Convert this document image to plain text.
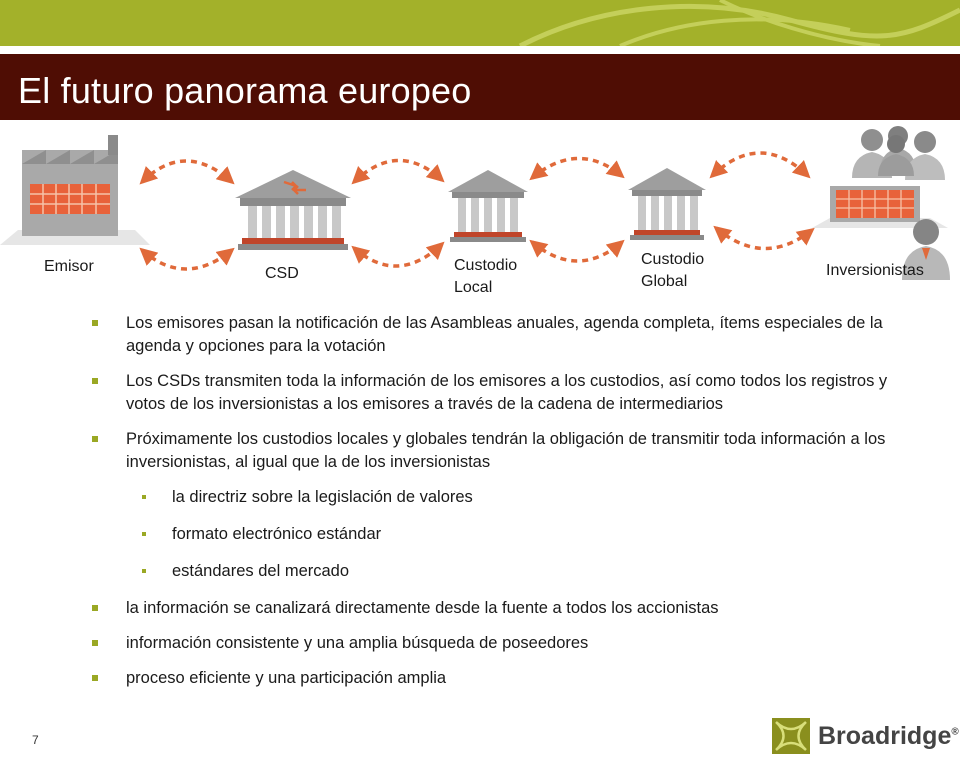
El futuro panorama europeo
Emisor	CSD	Custodio
Local
Custodio
Global
Inversionistas
Los emisores pasan la notificación de las Asambleas anuales, agenda completa, ítems especiales de la agenda y opciones para la votación
Los CSDs transmiten toda la información de los emisores a los custodios, así como todos los registros y votos de los inversionistas a los emisores a través de la cadena de intermediarios
Próximamente los custodios locales y globales tendrán la obligación de transmitir toda información a los inversionistas, al igual que la de los inversionistas
la directriz sobre la legislación de valores
formato electrónico estándar
estándares del mercado
la información se canalizará directamente desde la fuente a todos los accionistas
información consistente y una amplia búsqueda de poseedores
proceso eficiente y una participación amplia
7	Broadridge®
